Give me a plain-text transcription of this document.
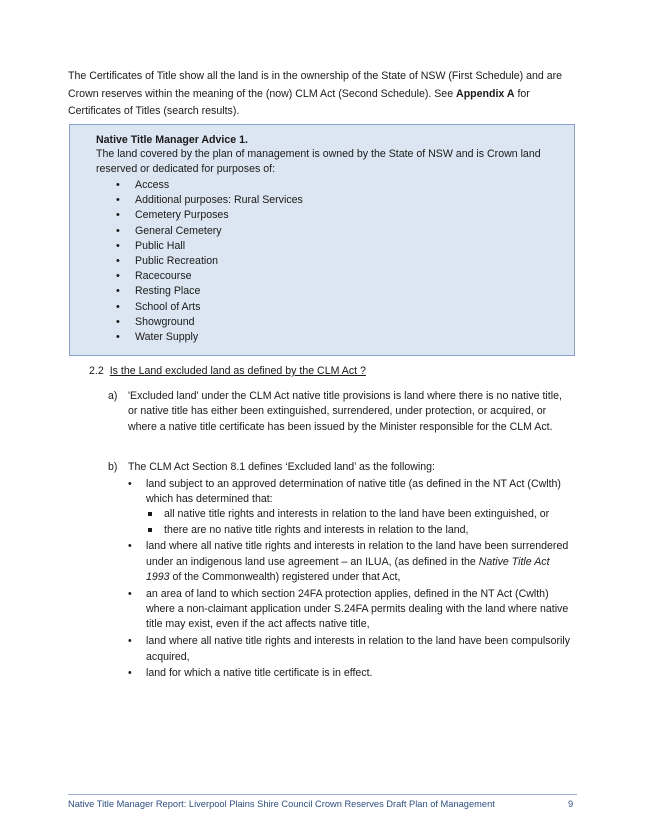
The Certificates of Title show all the land is in the ownership of the State of NSW (First Schedule) and are Crown reserves within the meaning of the (now) CLM Act (Second Schedule). See Appendix A for Certificates of Titles (search results).

Native Title Manager Advice 1.

The land covered by the plan of management is owned by the State of NSW and is Crown land reserved or dedicated for purposes of:

• Access
• Additional purposes: Rural Services
• Cemetery Purposes
• General Cemetery
• Public Hall
• Public Recreation
• Racecourse
• Resting Place
• School of Arts
• Showground
• Water Supply

2.2 Is the Land excluded land as defined by the CLM Act ?

a) 'Excluded land' under the CLM Act native title provisions is land where there is no native title, or native title has either been extinguished, surrendered, under protection, or acquired, or where a native title certificate has been issued by the Minister responsible for the CLM Act.
b) The CLM Act Section 8.1 defines ‘Excluded land’ as the following:
• land subject to an approved determination of native title (as defined in the NT Act (Cwlth) which has determined that:
all native title rights and interests in relation to the land have been extinguished, or
there are no native title rights and interests in relation to the land,
• land where all native title rights and interests in relation to the land have been surrendered under an indigenous land use agreement – an ILUA, (as defined in the Native Title Act 1993 of the Commonwealth) registered under that Act,
• an area of land to which section 24FA protection applies, defined in the NT Act (Cwlth) where a non-claimant application under S.24FA permits dealing with the land where native title may exist, even if the act affects native title,
• land where all native title rights and interests in relation to the land have been compulsorily acquired,
• land for which a native title certificate is in effect.
Native Title Manager Report: Liverpool Plains Shire Council Crown Reserves Draft Plan of Management	9
